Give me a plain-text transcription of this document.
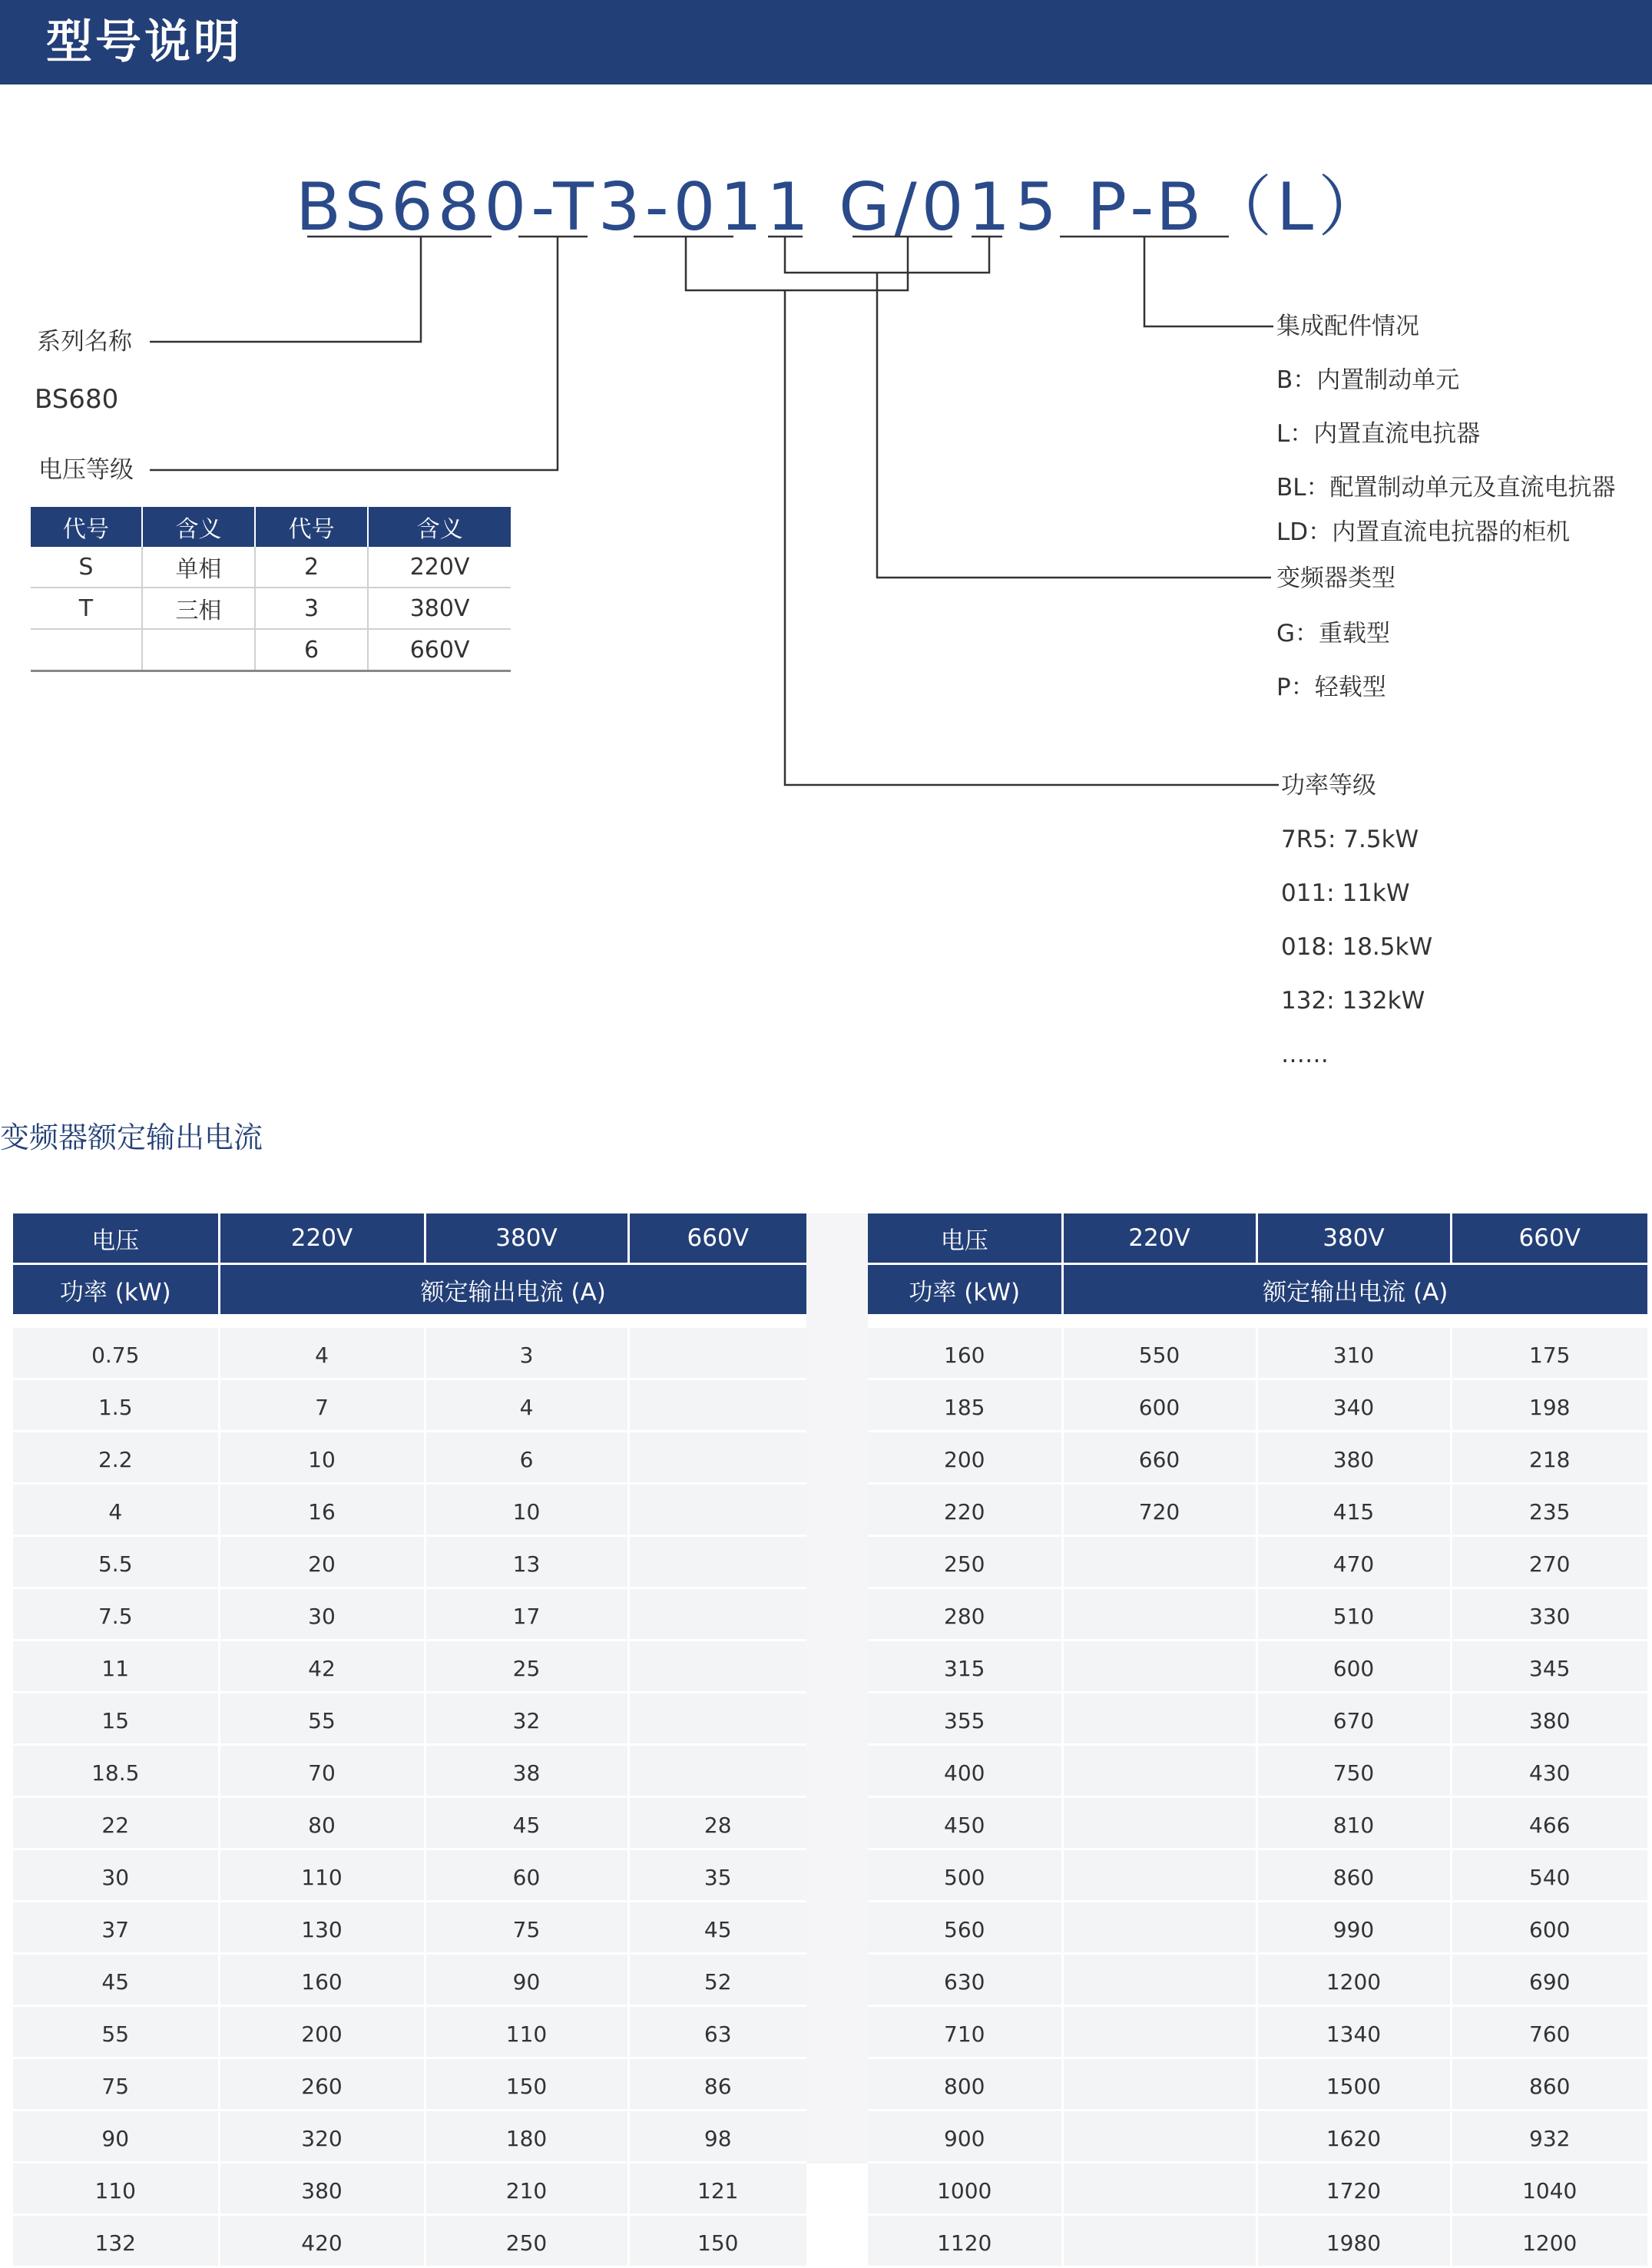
型号说明
BS680-T3-011 G/015 P-B（L）
系列名称
BS680
电压等级
代号	含义	代号	含义
S	单相	2	220V
T	三相	3	380V
		6	660V
集成配件情况
B：内置制动单元
L：内置直流电抗器
BL：配置制动单元及直流电抗器
LD：内置直流电抗器的柜机
变频器类型
G：重载型
P：轻载型
功率等级
7R5: 7.5kW
011: 11kW
018: 18.5kW
132: 132kW
……
变频器额定输出电流
电压	220V	380V	660V
功率 (kW)	额定输出电流 (A)		

0.75	4	3	
1.5	7	4	
2.2	10	6	
4	16	10	
5.5	20	13	
7.5	30	17	
11	42	25	
15	55	32	
18.5	70	38	
22	80	45	28
30	110	60	35
37	130	75	45
45	160	90	52
55	200	110	63
75	260	150	86
90	320	180	98
110	380	210	121
132	420	250	150
电压	220V	380V	660V
功率 (kW)	额定输出电流 (A)		

160	550	310	175
185	600	340	198
200	660	380	218
220	720	415	235
250		470	270
280		510	330
315		600	345
355		670	380
400		750	430
450		810	466
500		860	540
560		990	600
630		1200	690
710		1340	760
800		1500	860
900		1620	932
1000		1720	1040
1120		1980	1200
